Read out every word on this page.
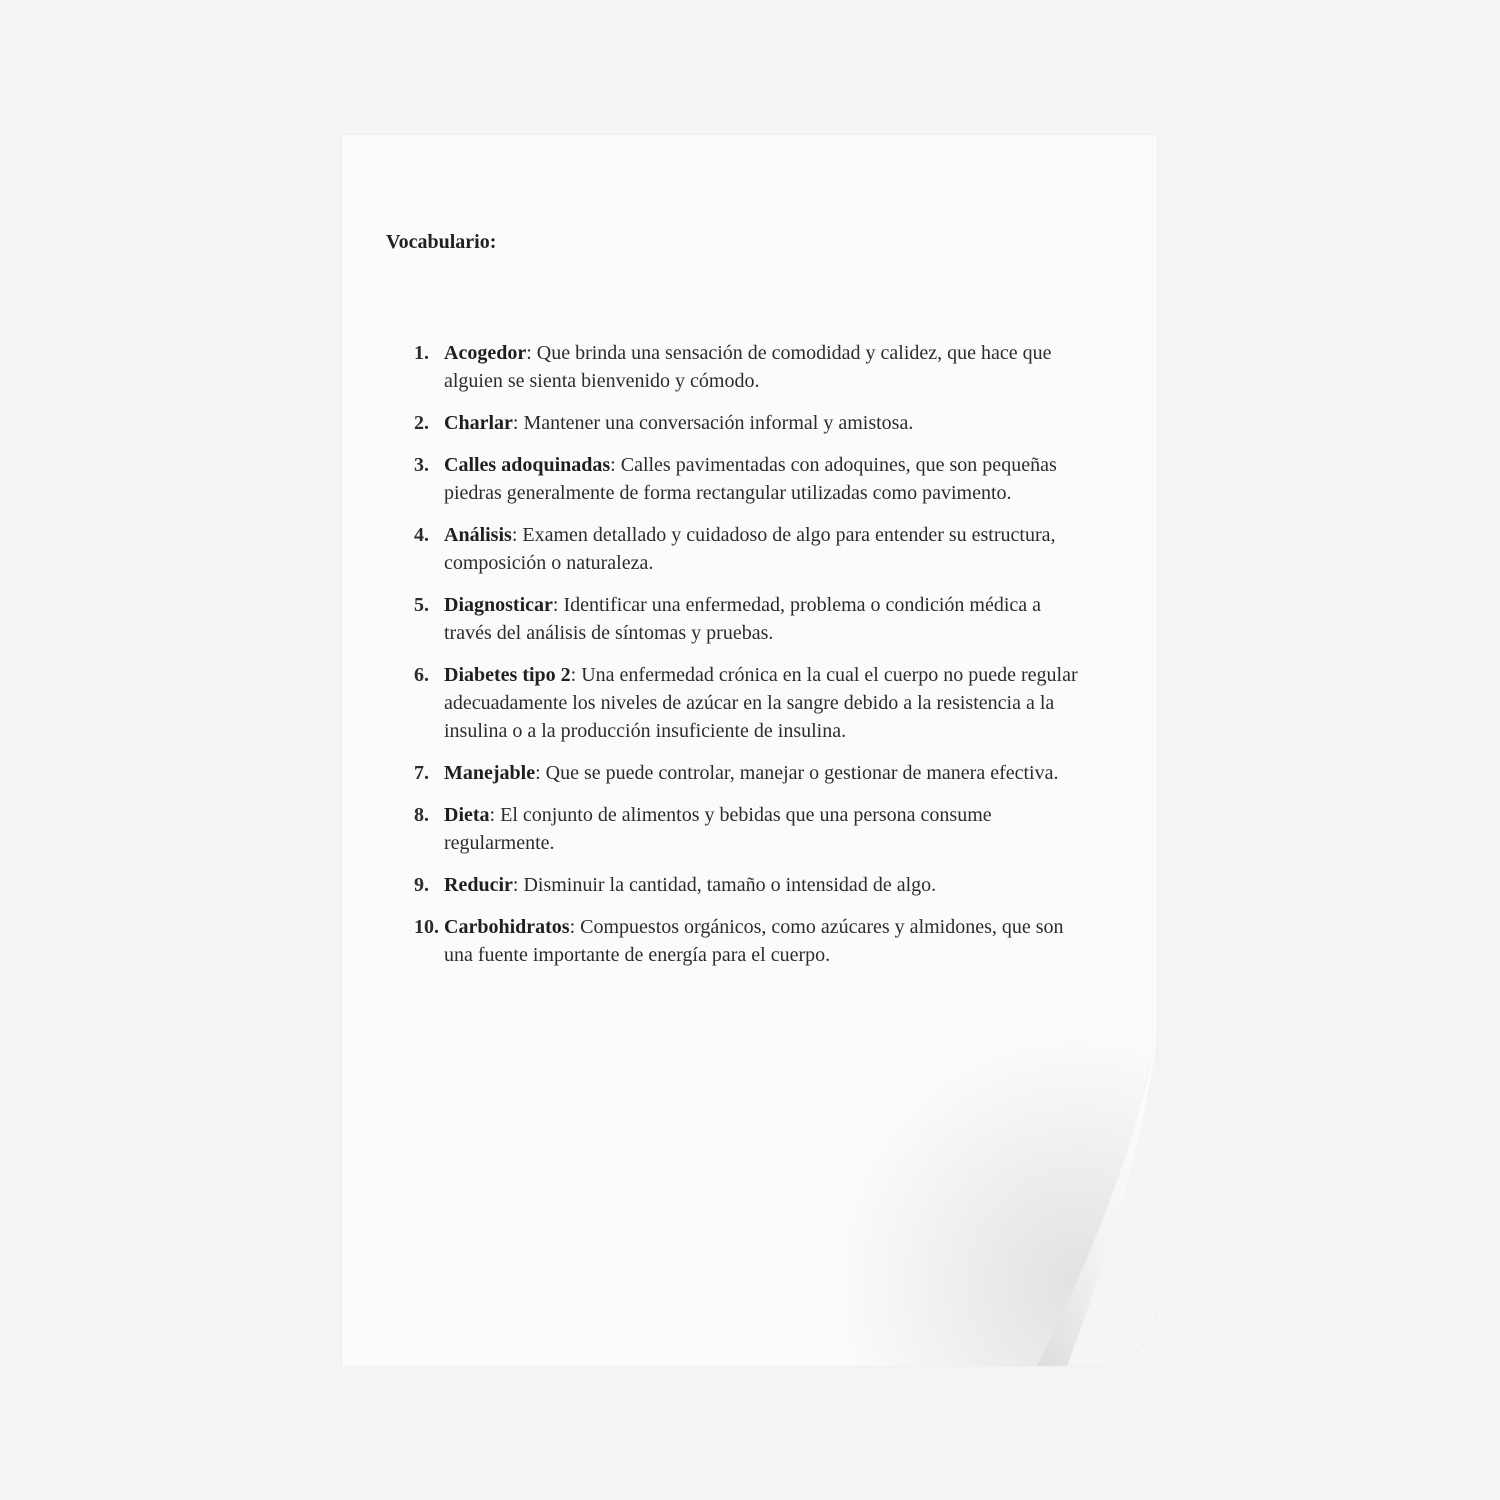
Vocabulario:
1. Acogedor: Que brinda una sensación de comodidad y calidez, que hace que alguien se sienta bienvenido y cómodo.
2. Charlar: Mantener una conversación informal y amistosa.
3. Calles adoquinadas: Calles pavimentadas con adoquines, que son pequeñas piedras generalmente de forma rectangular utilizadas como pavimento.
4. Análisis: Examen detallado y cuidadoso de algo para entender su estructura, composición o naturaleza.
5. Diagnosticar: Identificar una enfermedad, problema o condición médica a través del análisis de síntomas y pruebas.
6. Diabetes tipo 2: Una enfermedad crónica en la cual el cuerpo no puede regular adecuadamente los niveles de azúcar en la sangre debido a la resistencia a la insulina o a la producción insuficiente de insulina.
7. Manejable: Que se puede controlar, manejar o gestionar de manera efectiva.
8. Dieta: El conjunto de alimentos y bebidas que una persona consume regularmente.
9. Reducir: Disminuir la cantidad, tamaño o intensidad de algo.
10. Carbohidratos: Compuestos orgánicos, como azúcares y almidones, que son una fuente importante de energía para el cuerpo.
